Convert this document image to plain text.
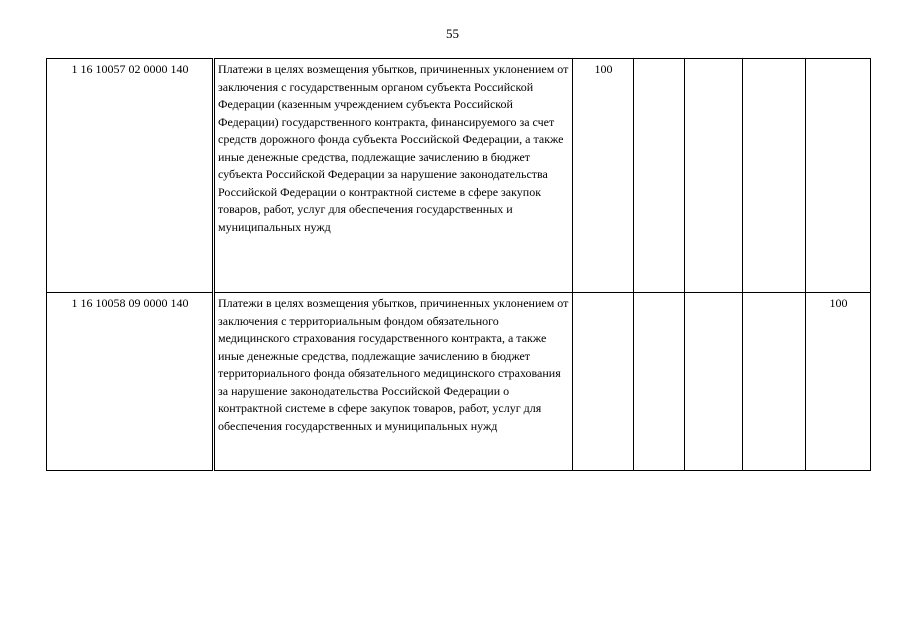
55
1 16 10057 02 0000 140	Платежи в целях возмещения убытков, причиненных уклонением от заключения с государственным органом субъекта Российской Федерации (казенным учреждением субъекта Российской Федерации) государственного контракта, финансируемого за счет средств дорожного фонда субъекта Российской Федерации, а также иные денежные средства, подлежащие зачислению в бюджет субъекта Российской Федерации за нарушение законодательства Российской Федерации о контрактной системе в сфере закупок товаров, работ, услуг для обеспечения государственных и муниципальных нужд	100				
1 16 10058 09 0000 140	Платежи в целях возмещения убытков, причиненных уклонением от заключения с территориальным фондом обязательного медицинского страхования государственного контракта, а также иные денежные средства, подлежащие зачислению в бюджет территориального фонда обязательного медицинского страхования за нарушение законодательства Российской Федерации о контрактной системе в сфере закупок товаров, работ, услуг для обеспечения государственных и муниципальных нужд					100
